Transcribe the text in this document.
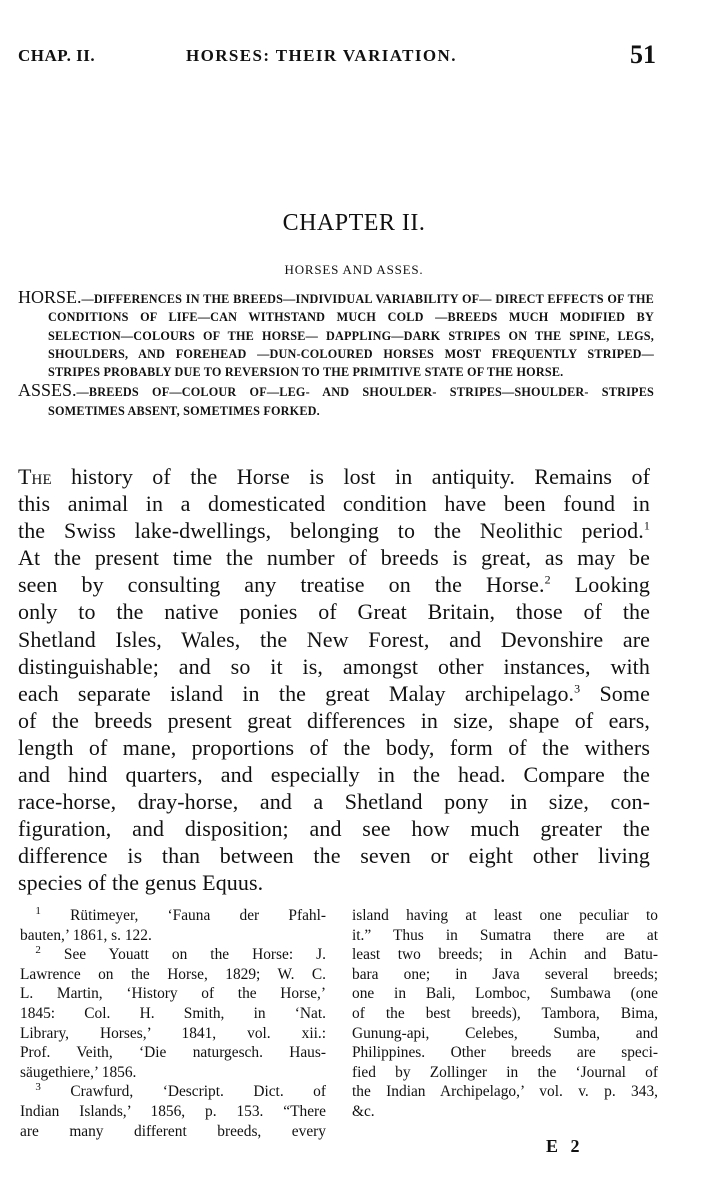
CHAP. II.	HORSES: THEIR VARIATION.	51
CHAPTER II.
HORSES AND ASSES.

HORSE.—DIFFERENCES IN THE BREEDS—INDIVIDUAL VARIABILITY OF— DIRECT EFFECTS OF THE CONDITIONS OF LIFE—CAN WITHSTAND MUCH COLD —BREEDS MUCH MODIFIED BY SELECTION—COLOURS OF THE HORSE— DAPPLING—DARK STRIPES ON THE SPINE, LEGS, SHOULDERS, AND FOREHEAD —DUN-COLOURED HORSES MOST FREQUENTLY STRIPED—STRIPES PROBABLY DUE TO REVERSION TO THE PRIMITIVE STATE OF THE HORSE.

ASSES.—BREEDS OF—COLOUR OF—LEG- AND SHOULDER- STRIPES—SHOULDER- STRIPES SOMETIMES ABSENT, SOMETIMES FORKED.

The history of the Horse is lost in antiquity. Remains of
this animal in a domesticated condition have been found in
the Swiss lake-dwellings, belonging to the Neolithic period.$^1$
At the present time the number of breeds is great, as may be
seen by consulting any treatise on the Horse.$^2$ Looking
only to the native ponies of Great Britain, those of the
Shetland Isles, Wales, the New Forest, and Devonshire are
distinguishable; and so it is, amongst other instances, with
each separate island in the great Malay archipelago.$^3$ Some
of the breeds present great differences in size, shape of ears,
length of mane, proportions of the body, form of the withers
and hind quarters, and especially in the head. Compare the
race-horse, dray-horse, and a Shetland pony in size, con-
figuration, and disposition; and see how much greater the
difference is than between the seven or eight other living
species of the genus Equus.
 $^1$ Rütimeyer, ‘Fauna der Pfahl-
bauten,’ 1861, s. 122.
 $^2$ See Youatt on the Horse: J.
Lawrence on the Horse, 1829; W. C.
L. Martin, ‘History of the Horse,’
1845: Col. H. Smith, in ‘Nat.
Library, Horses,’ 1841, vol. xii.:
Prof. Veith, ‘Die naturgesch. Haus-
säugethiere,’ 1856.
 $^3$ Crawfurd, ‘Descript. Dict. of
Indian Islands,’ 1856, p. 153. “There
are many different breeds, every
island having at least one peculiar to
it.” Thus in Sumatra there are at
least two breeds; in Achin and Batu-
bara one; in Java several breeds;
one in Bali, Lomboc, Sumbawa (one
of the best breeds), Tambora, Bima,
Gunung-api, Celebes, Sumba, and
Philippines. Other breeds are speci-
fied by Zollinger in the ‘Journal of
the Indian Archipelago,’ vol. v. p. 343,
&c.
E 2
